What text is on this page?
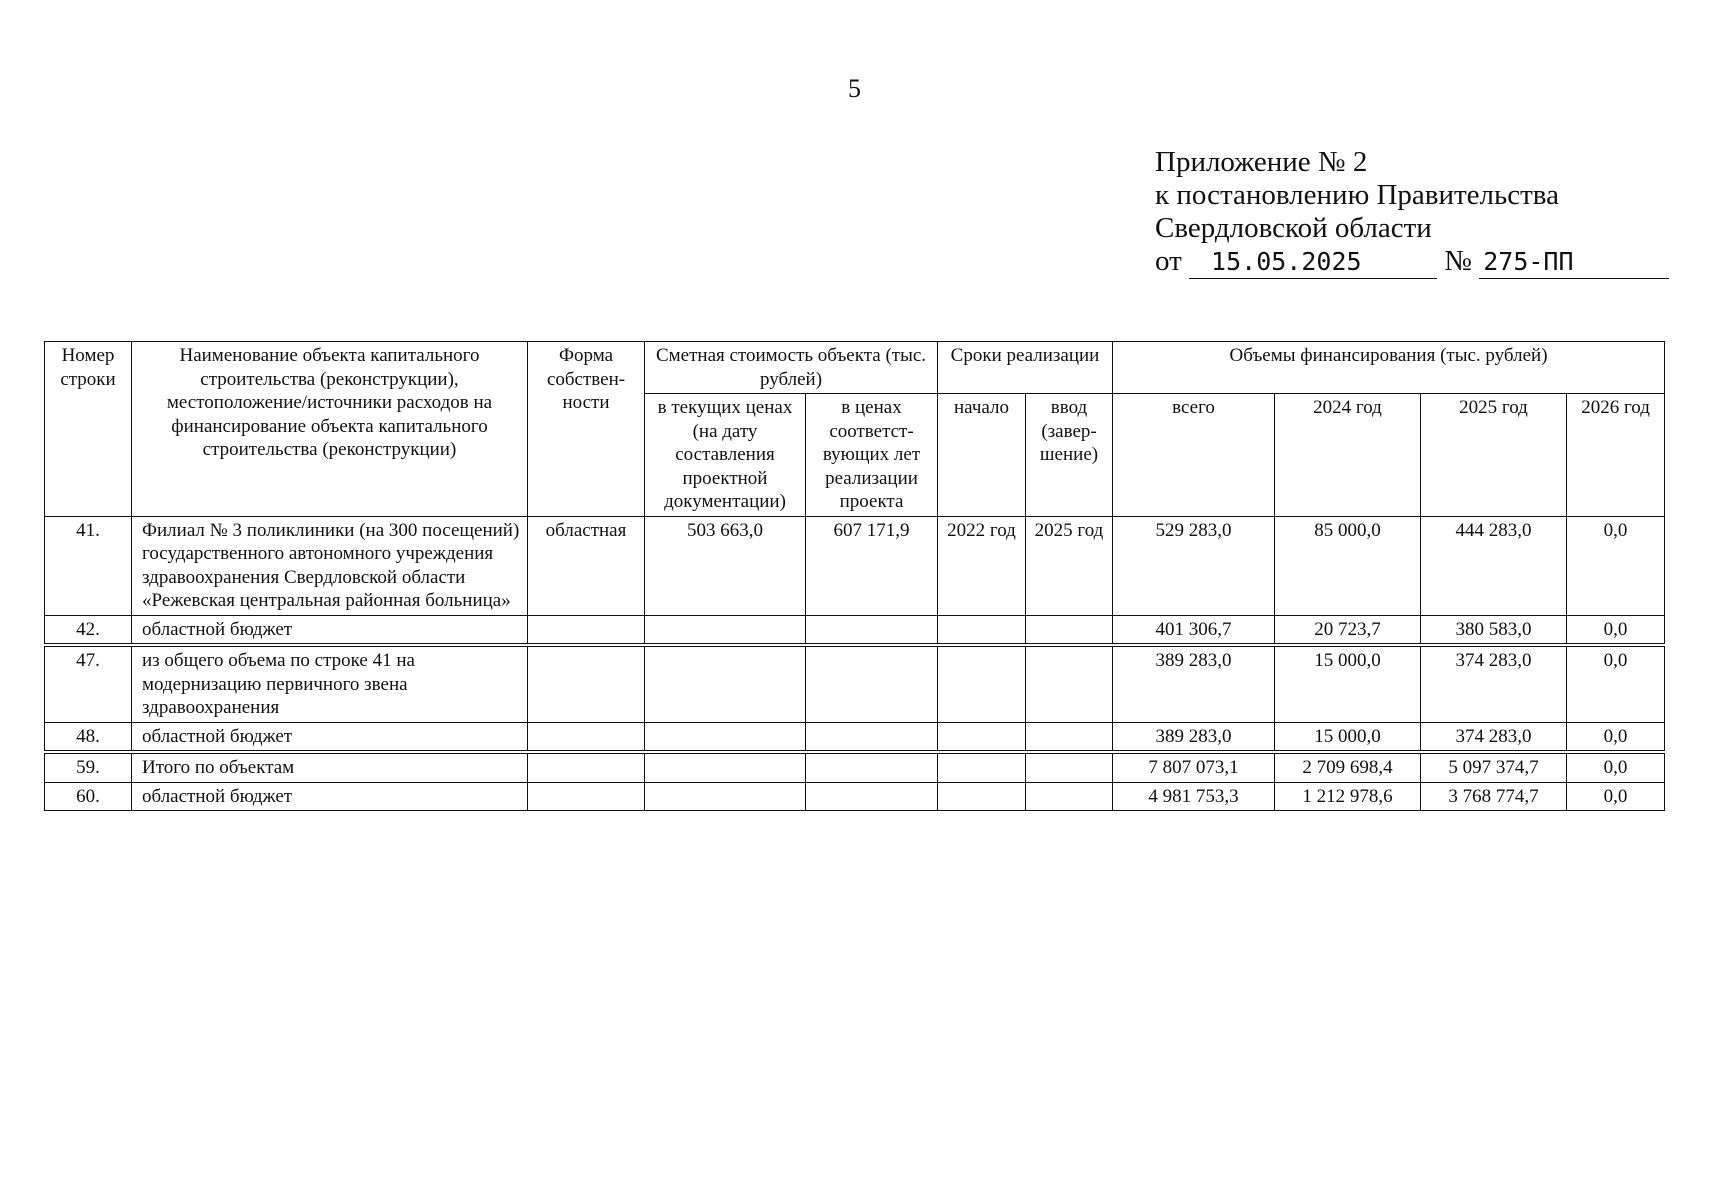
5
Приложение № 2
к постановлению Правительства
Свердловской области
от 15.05.2025	№ 275-ПП
Номер строки	Наименование объекта капитального строительства (реконструкции), местоположение/источники расходов на финансирование объекта капитального строительства (реконструкции)	Форма собствен-ности	Сметная стоимость объекта (тыс. рублей)		Сроки реализации		Объемы финансирования (тыс. рублей)			
			в текущих ценах (на дату составления проектной документации)	в ценах соответст-вующих лет реализации проекта	начало	ввод (завер-шение)	всего	2024 год	2025 год	2026 год
41.	Филиал № 3 поликлиники (на 300 посещений) государственного автономного учреждения здравоохранения Свердловской области «Режевская центральная районная больница»	областная	503 663,0	607 171,9	2022 год	2025 год	529 283,0	85 000,0	444 283,0	0,0
42.	областной бюджет						401 306,7	20 723,7	380 583,0	0,0

47.	из общего объема по строке 41 на модернизацию первичного звена здравоохранения						389 283,0	15 000,0	374 283,0	0,0
48.	областной бюджет						389 283,0	15 000,0	374 283,0	0,0

59.	Итого по объектам						7 807 073,1	2 709 698,4	5 097 374,7	0,0
60.	областной бюджет						4 981 753,3	1 212 978,6	3 768 774,7	0,0
